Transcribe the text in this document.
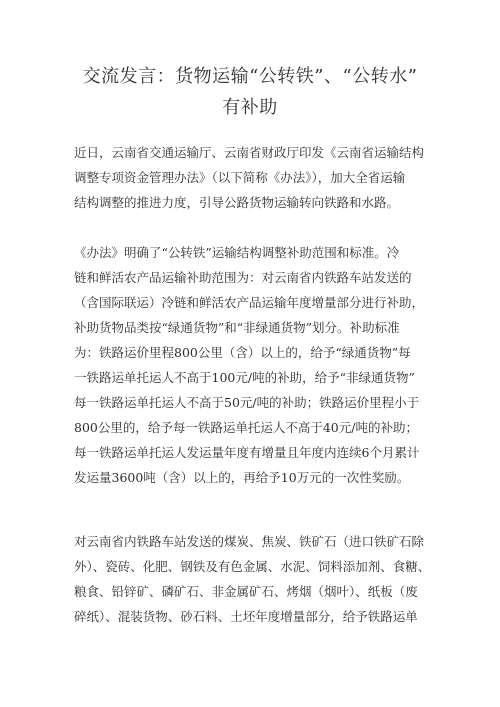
交流发言：货物运输“公转铁”、“公转水”
有补助
近日，云南省交通运输厅、云南省财政厅印发《云南省运输结构
调整专项资金管理办法》（以下简称《办法》），加大全省运输
结构调整的推进力度，引导公路货物运输转向铁路和水路。
《办法》明确了“公转铁”运输结构调整补助范围和标准。冷
链和鲜活农产品运输补助范围为：对云南省内铁路车站发送的
（含国际联运）冷链和鲜活农产品运输年度增量部分进行补助，
补助货物品类按“绿通货物”和“非绿通货物”划分。补助标准
为：铁路运价里程800公里（含）以上的，给予“绿通货物”每
一铁路运单托运人不高于100元/吨的补助，给予“非绿通货物”
每一铁路运单托运人不高于50元/吨的补助；铁路运价里程小于
800公里的，给予每一铁路运单托运人不高于40元/吨的补助；
每一铁路运单托运人发运量年度有增量且年度内连续6个月累计
发运量3600吨（含）以上的，再给予10万元的一次性奖励。
对云南省内铁路车站发送的煤炭、焦炭、铁矿石（进口铁矿石除
外）、瓷砖、化肥、钢铁及有色金属、水泥、饲料添加剂、食糖、
粮食、铅锌矿、磷矿石、非金属矿石、烤烟（烟叶）、纸板（废
碎纸）、混装货物、砂石料、土坯年度增量部分，给予铁路运单
